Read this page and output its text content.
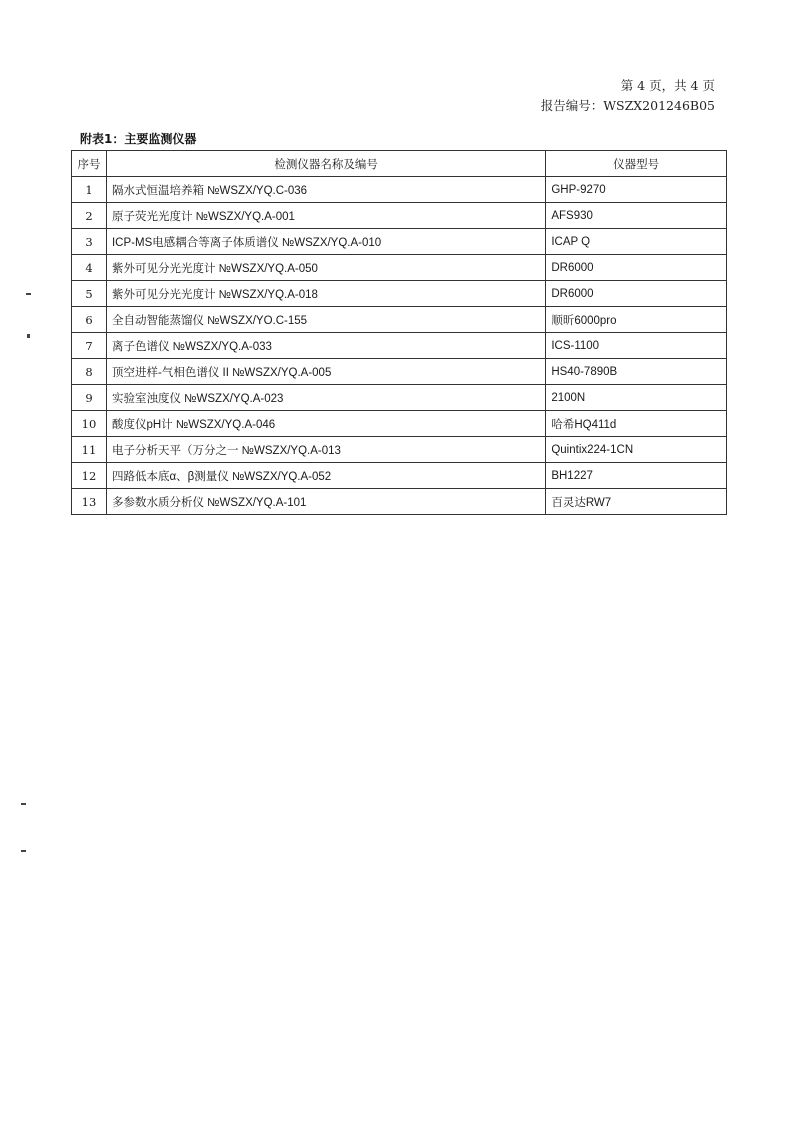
第 4 页，共 4 页
报告编号：WSZX201246B05
附表1：主要监测仪器
序号	检测仪器名称及编号	仪器型号
1	隔水式恒温培养箱 №WSZX/YQ.C-036	GHP-9270
2	原子荧光光度计 №WSZX/YQ.A-001	AFS930
3	ICP-MS电感耦合等离子体质谱仪 №WSZX/YQ.A-010	ICAP Q
4	紫外可见分光光度计 №WSZX/YQ.A-050	DR6000
5	紫外可见分光光度计 №WSZX/YQ.A-018	DR6000
6	全自动智能蒸馏仪 №WSZX/YO.C-155	顺昕6000pro
7	离子色谱仪 №WSZX/YQ.A-033	ICS-1100
8	顶空进样-气相色谱仪 II №WSZX/YQ.A-005	HS40-7890B
9	实验室浊度仪 №WSZX/YQ.A-023	2100N
10	酸度仪pH计 №WSZX/YQ.A-046	哈希HQ411d
11	电子分析天平（万分之一 №WSZX/YQ.A-013	Quintix224-1CN
12	四路低本底α、β测量仪 №WSZX/YQ.A-052	BH1227
13	多参数水质分析仪 №WSZX/YQ.A-101	百灵达RW7
